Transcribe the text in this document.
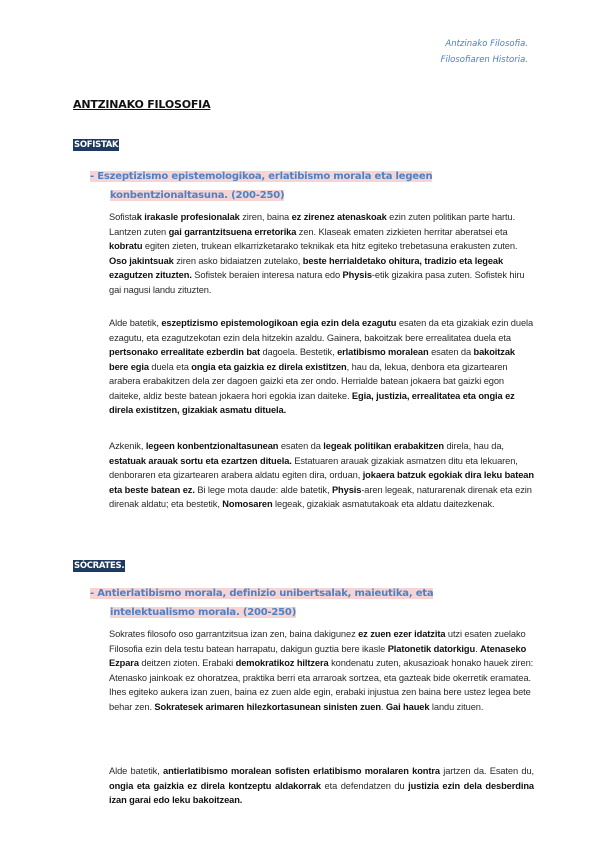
Antzinako Filosofia.
Filosofiaren Historia.
ANTZINAKO FILOSOFIA
SOFISTAK
- Eszeptizismo epistemologikoa, erlatibismo morala eta legeen
konbentzionaltasuna. (200-250)
Sofistak irakasle profesionalak ziren, baina ez zirenez atenaskoak ezin zuten politikan parte hartu. Lantzen zuten gai garrantzitsuena erretorika zen. Klaseak ematen zizkieten herritar aberatsei eta kobratu egiten zieten, trukean elkarrizketarako teknikak eta hitz egiteko trebetasuna erakusten zuten. Oso jakintsuak ziren asko bidaiatzen zutelako, beste herrialdetako ohitura, tradizio eta legeak ezagutzen zituzten. Sofistek beraien interesa natura edo Physis-etik gizakira pasa zuten. Sofistek hiru gai nagusi landu zituzten.
Alde batetik, eszeptizismo epistemologikoan egia ezin dela ezagutu esaten da eta gizakiak ezin duela ezagutu, eta ezagutzekotan ezin dela hitzekin azaldu. Gainera, bakoitzak bere errealitatea duela eta pertsonako errealitate ezberdin bat dagoela. Bestetik, erlatibismo moralean esaten da bakoitzak bere egia duela eta ongia eta gaizkia ez direla existitzen, hau da, lekua, denbora eta gizartearen arabera erabakitzen dela zer dagoen gaizki eta zer ondo. Herrialde batean jokaera bat gaizki egon daiteke, aldiz beste batean jokaera hori egokia izan daiteke. Egia, justizia, errealitatea eta ongia ez direla existitzen, gizakiak asmatu dituela.
Azkenik, legeen konbentzionaltasunean esaten da legeak politikan erabakitzen direla, hau da, estatuak arauak sortu eta ezartzen dituela. Estatuaren arauak gizakiak asmatzen ditu eta lekuaren, denboraren eta gizartearen arabera aldatu egiten dira, orduan, jokaera batzuk egokiak dira leku batean eta beste batean ez. Bi lege mota daude: alde batetik, Physis-aren legeak, naturarenak direnak eta ezin direnak aldatu; eta bestetik, Nomosaren legeak, gizakiak asmatutakoak eta aldatu daitezkenak.
SÓCRATES.
- Antierlatibismo morala, definizio unibertsalak, maieutika, eta
intelektualismo morala. (200-250)
Sokrates filosofo oso garrantzitsua izan zen, baina dakigunez ez zuen ezer idatzita utzi esaten zuelako Filosofia ezin dela testu batean harrapatu, dakigun guztia bere ikasle Platonetik datorkigu. Atenaseko Ezpara deitzen zioten. Erabaki demokratikoz hiltzera kondenatu zuten, akusazioak honako hauek ziren: Atenasko jainkoak ez ohoratzea, praktika berri eta arraroak sortzea, eta gazteak bide okerretik eramatea. Ihes egiteko aukera izan zuen, baina ez zuen alde egin, erabaki injustua zen baina bere ustez legea bete behar zen. Sokratesek arimaren hilezkortasunean sinisten zuen. Gai hauek landu zituen.
Alde batetik, antierlatibismo moralean sofisten erlatibismo moralaren kontra jartzen da. Esaten du, ongia eta gaizkia ez direla kontzeptu aldakorrak eta defendatzen du justizia ezin dela desberdina izan garai edo leku bakoitzean.
